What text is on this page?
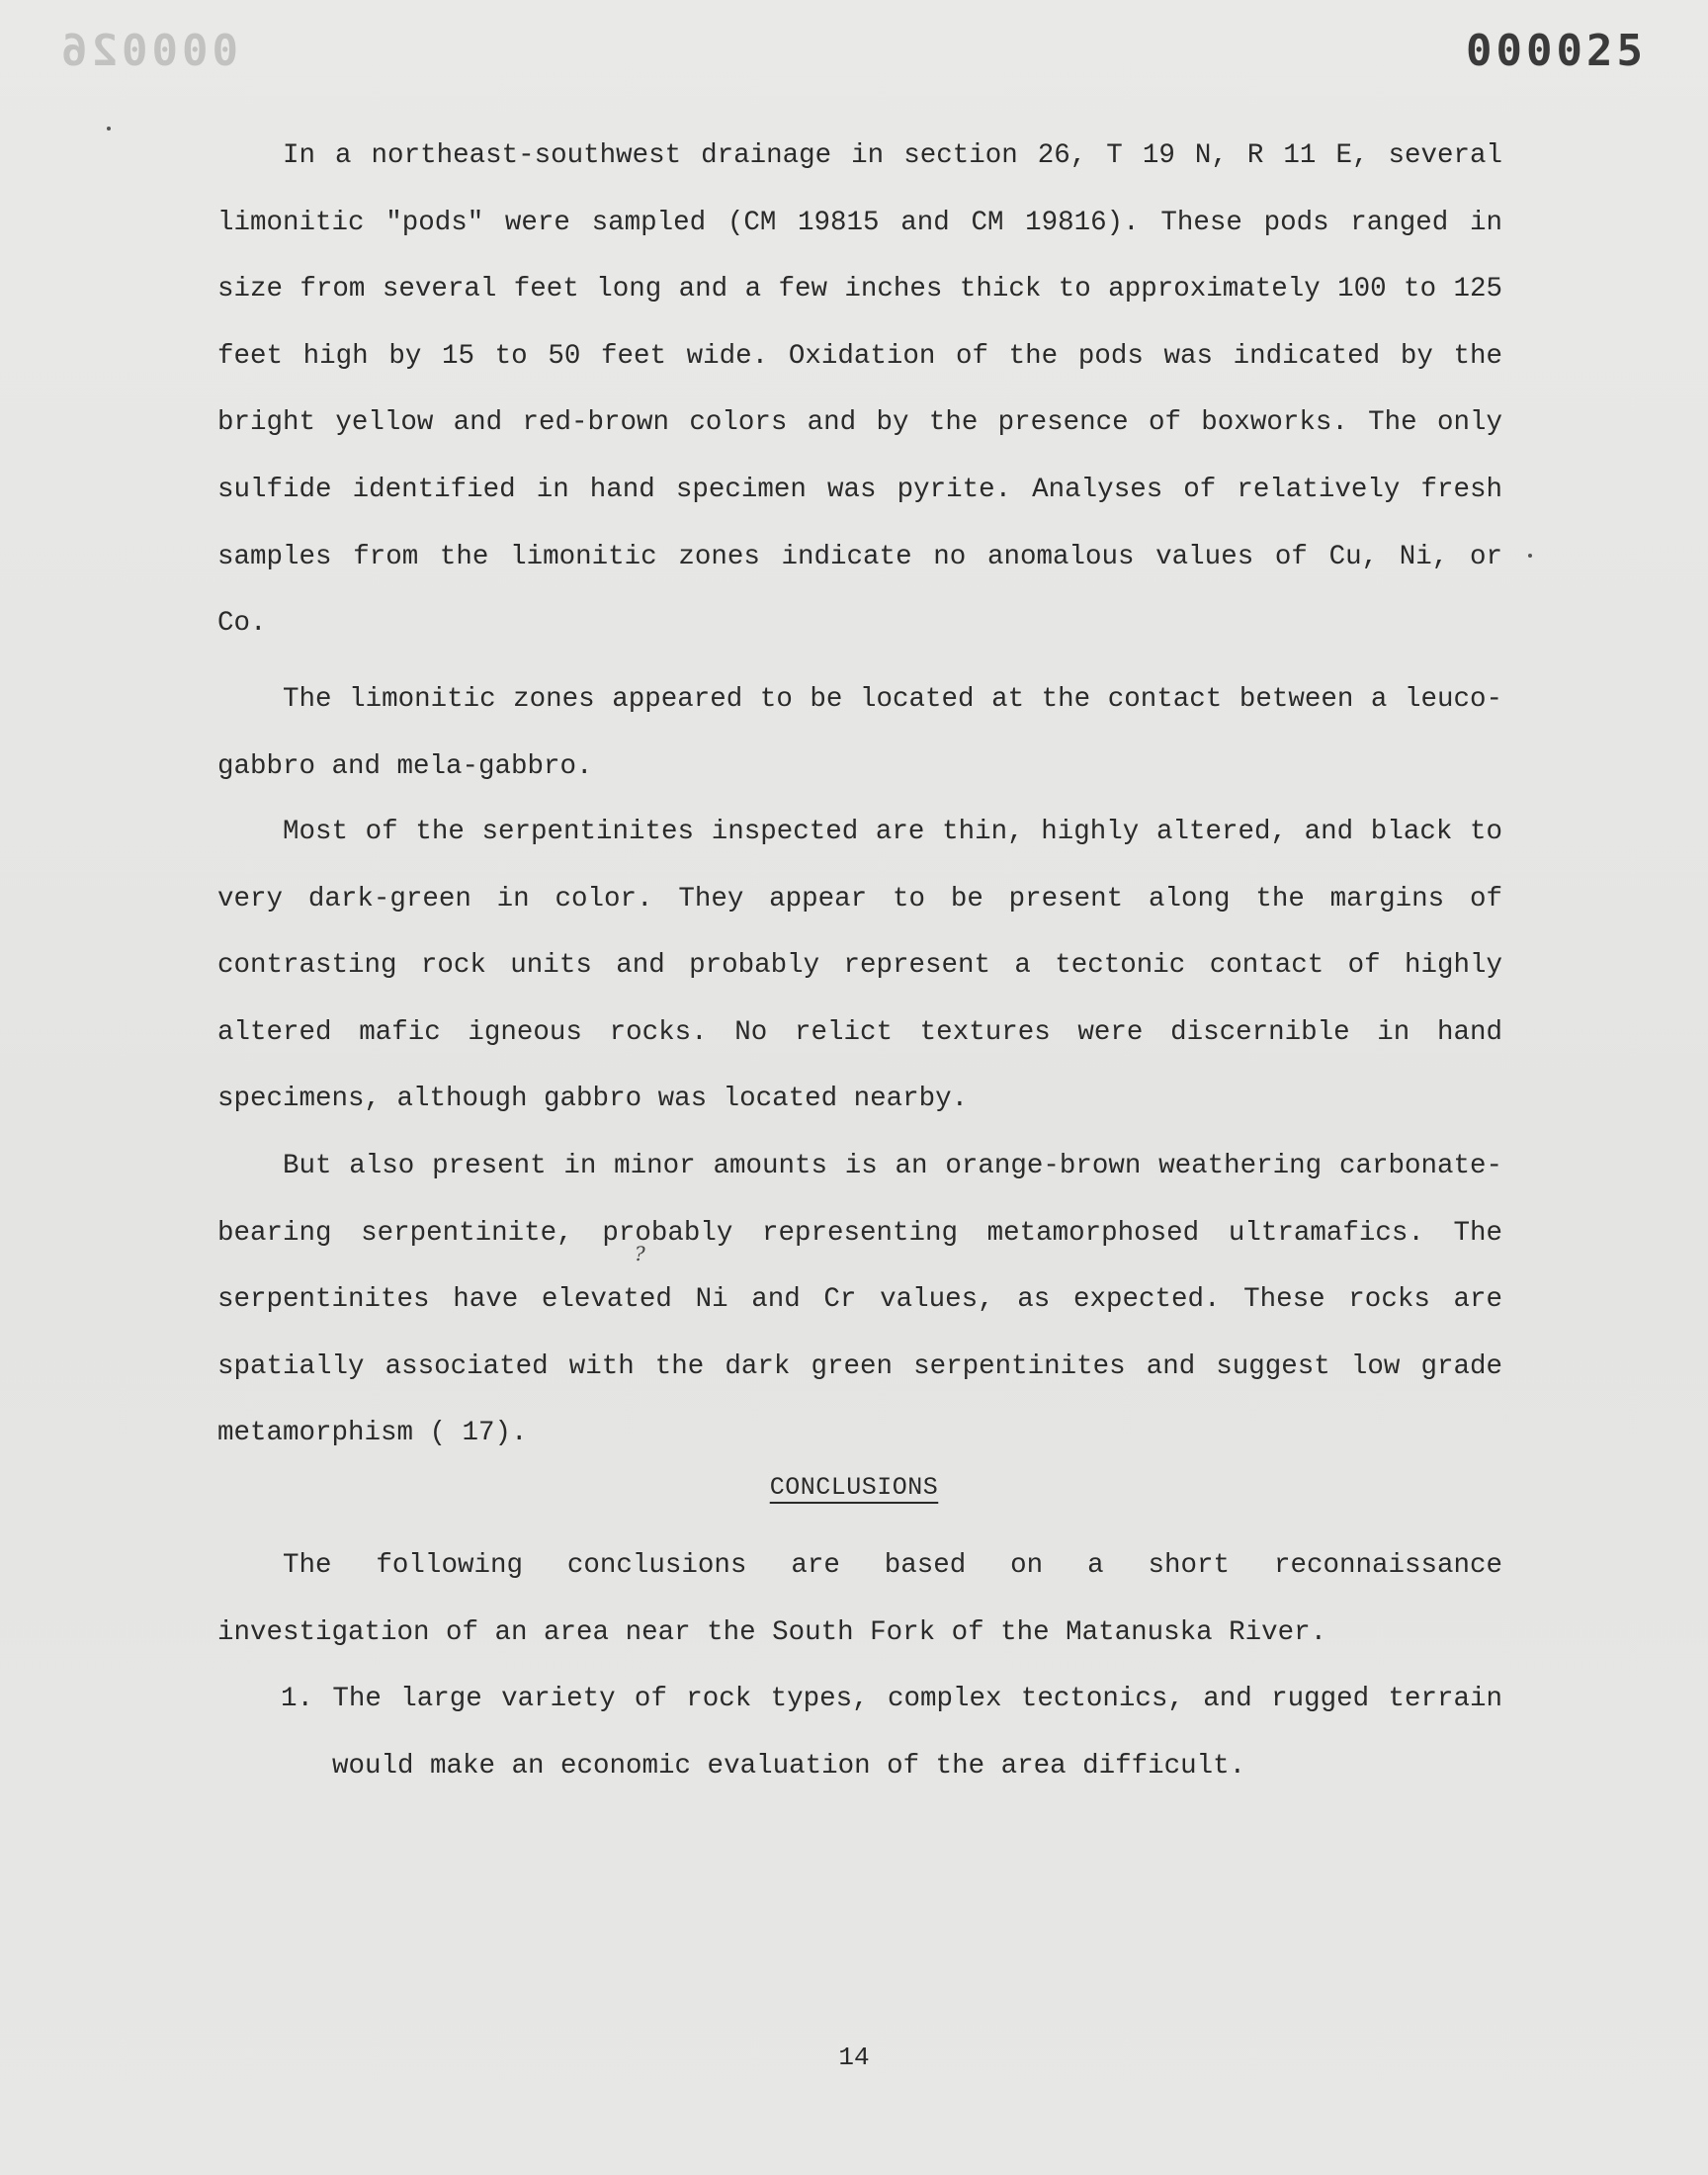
000026	000025

In a northeast-southwest drainage in section 26, T 19 N, R 11 E, several limonitic "pods" were sampled (CM 19815 and CM 19816). These pods ranged in size from several feet long and a few inches thick to approximately 100 to 125 feet high by 15 to 50 feet wide. Oxidation of the pods was indicated by the bright yellow and red-brown colors and by the presence of boxworks. The only sulfide identified in hand specimen was pyrite. Analyses of relatively fresh samples from the limonitic zones indicate no anomalous values of Cu, Ni, or Co.

The limonitic zones appeared to be located at the contact between a leuco-gabbro and mela-gabbro.

Most of the serpentinites inspected are thin, highly altered, and black to very dark-green in color. They appear to be present along the margins of contrasting rock units and probably represent a tectonic contact of highly altered mafic igneous rocks. No relict textures were discernible in hand specimens, although gabbro was located nearby.

But also present in minor amounts is an orange-brown weathering carbonate-bearing serpentinite, probably representing metamorphosed ultramafics. The serpentinites have elevated Ni and Cr values, as expected. These rocks are spatially associated with the dark green serpentinites and suggest low grade metamorphism ( 17).

?
CONCLUSIONS

The following conclusions are based on a short reconnaissance investigation of an area near the South Fork of the Matanuska River.

1. The large variety of rock types, complex tectonics, and rugged terrain would make an economic evaluation of the area difficult.

14
